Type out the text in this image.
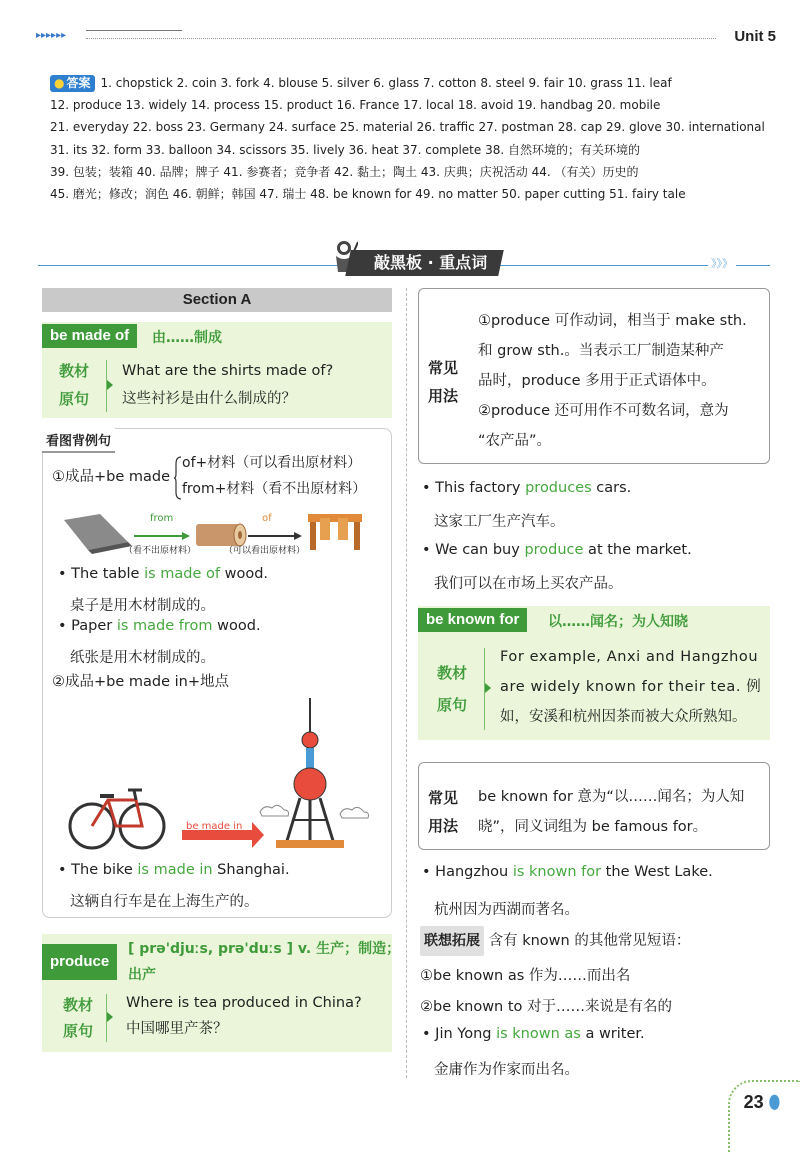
▸▸▸▸▸▸	Unit 5
● 答案 1. chopstick 2. coin 3. fork 4. blouse 5. silver 6. glass 7. cotton 8. steel 9. fair 10. grass 11. leaf
12. produce 13. widely 14. process 15. product 16. France 17. local 18. avoid 19. handbag 20. mobile
21. everyday 22. boss 23. Germany 24. surface 25. material 26. traffic 27. postman 28. cap 29. glove 30. international
31. its 32. form 33. balloon 34. scissors 35. lively 36. heat 37. complete 38. 自然环境的；有关环境的
39. 包装；装箱 40. 品牌；牌子 41. 参赛者；竞争者 42. 黏土；陶土 43. 庆典；庆祝活动 44. （有关）历史的
45. 磨光；修改；润色 46. 朝鲜；韩国 47. 瑞士 48. be known for 49. no matter 50. paper cutting 51. fairy tale
敲黑板 · 重点词	》》》
Section A
be made of	由……制成
教材
原句
What are the shirts made of?
这些衬衫是由什么制成的？
看图背例句
①成品+be made
of+材料（可以看出原材料）
from+材料（看不出原材料）
from	of
（看不出原材料）	（可以看出原材料）
• The table is made of wood.
桌子是用木材制成的。
• Paper is made from wood.
纸张是用木材制成的。
②成品+be made in+地点
be made in
• The bike is made in Shanghai.
这辆自行车是在上海生产的。
produce
[ prə'djuːs, prə'duːs ] v. 生产；制造；
出产
教材
原句
Where is tea produced in China?
中国哪里产茶？
常见
用法
①produce 可作动词，相当于 make sth.
和 grow sth.。当表示工厂制造某种产
品时，produce 多用于正式语体中。
②produce 还可用作不可数名词，意为
“农产品”。
• This factory produces cars.
这家工厂生产汽车。
• We can buy produce at the market.
我们可以在市场上买农产品。
be known for	以……闻名；为人知晓
教材
原句
For example, Anxi and Hangzhou
are widely known for their tea. 例
如，安溪和杭州因茶而被大众所熟知。
常见
用法
be known for 意为“以……闻名；为人知
晓”，同义词组为 be famous for。
• Hangzhou is known for the West Lake.
杭州因为西湖而著名。
联想拓展 含有 known 的其他常见短语：
①be known as 作为……而出名
②be known to 对于……来说是有名的
• Jin Yong is known as a writer.
金庸作为作家而出名。
23 ⬮
